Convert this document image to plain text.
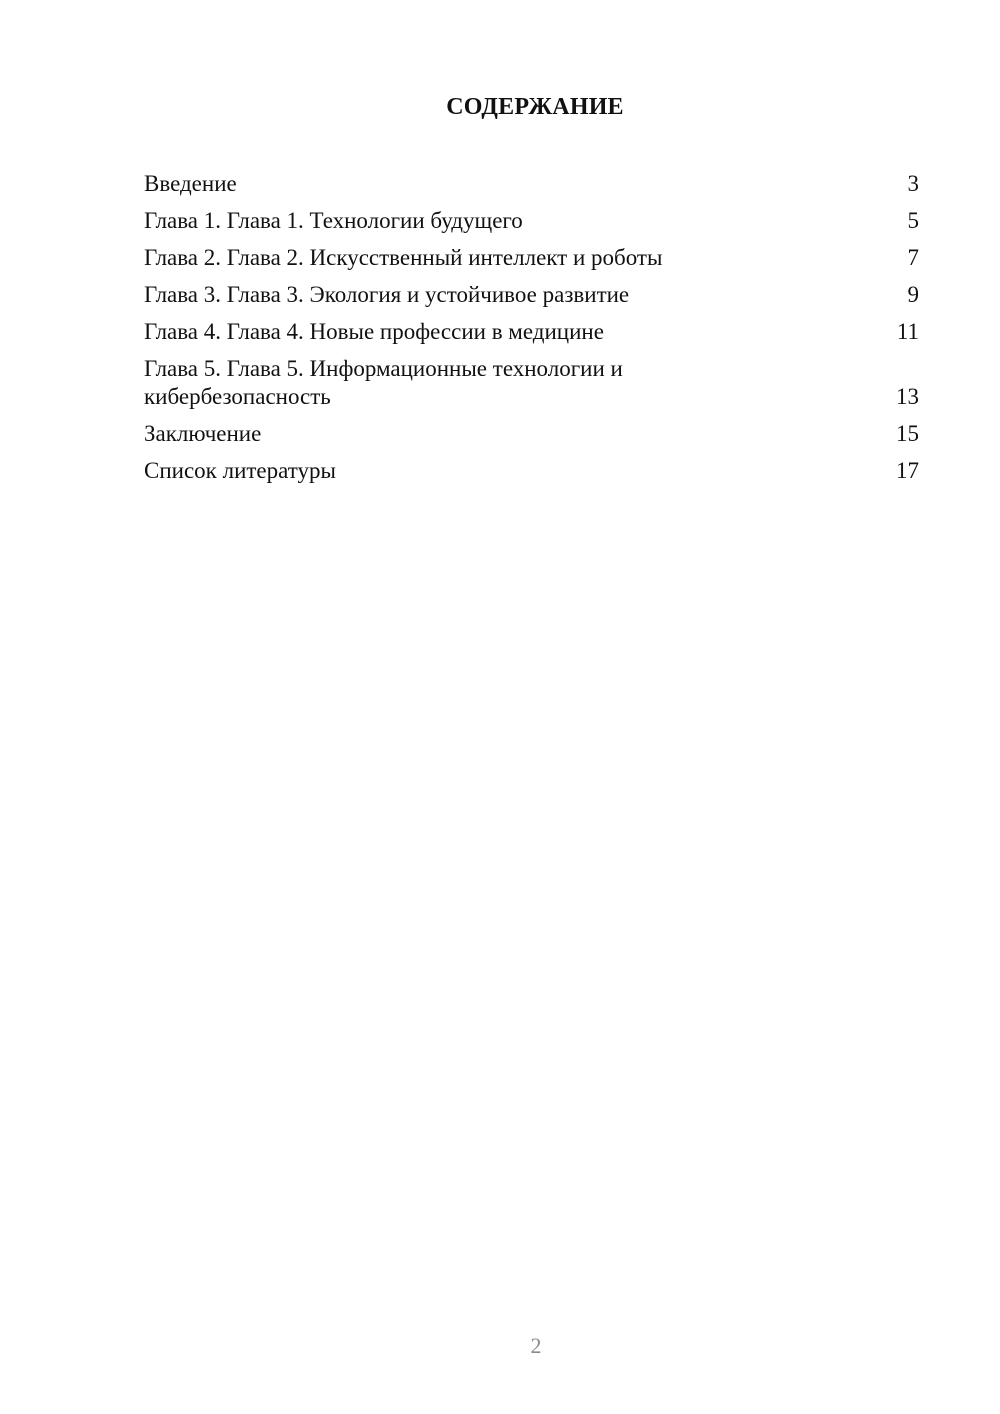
СОДЕРЖАНИЕ
Введение	3
Глава 1. Глава 1. Технологии будущего	5
Глава 2. Глава 2. Искусственный интеллект и роботы	7
Глава 3. Глава 3. Экология и устойчивое развитие	9
Глава 4. Глава 4. Новые профессии в медицине	11
Глава 5. Глава 5. Информационные технологии и кибербезопасность	13
Заключение	15
Список литературы	17
2
